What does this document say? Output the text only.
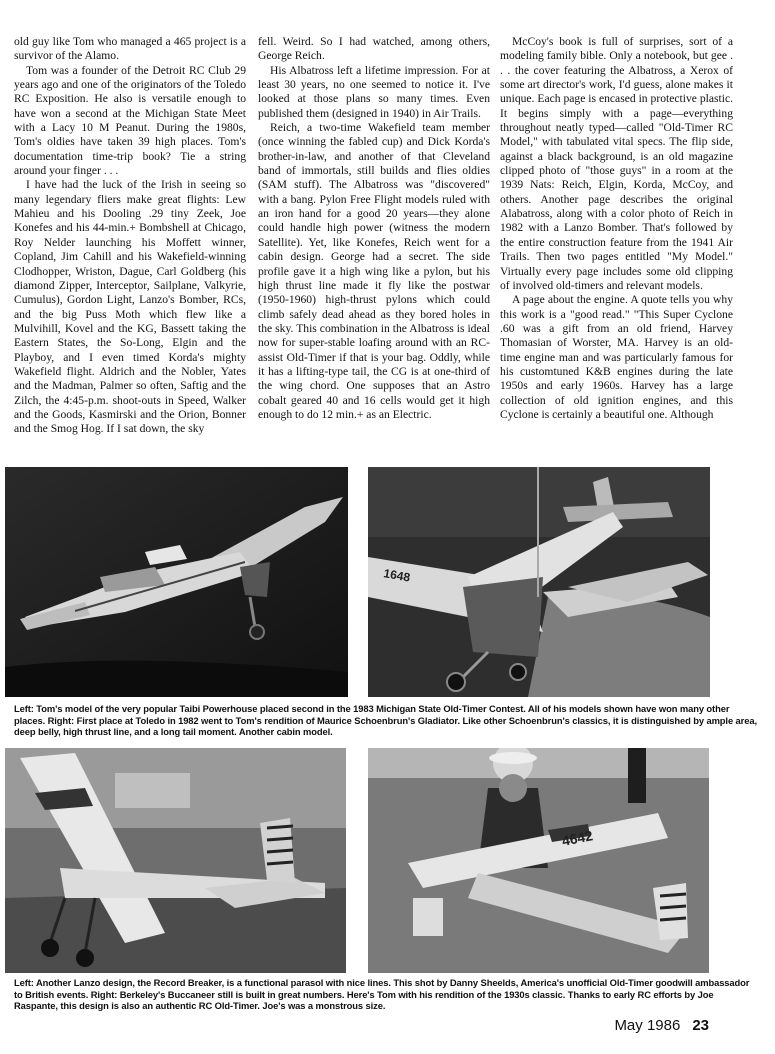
old guy like Tom who managed a 465 project is a survivor of the Alamo.

Tom was a founder of the Detroit RC Club 29 years ago and one of the originators of the Toledo RC Exposition. He also is versatile enough to have won a second at the Michigan State Meet with a Lacy 10 M Peanut. During the 1980s, Tom's oldies have taken 39 high places. Tom's documentation time-trip book? Tie a string around your finger . . .

I have had the luck of the Irish in seeing so many legendary fliers make great flights: Lew Mahieu and his Dooling .29 tiny Zeek, Joe Konefes and his 44-min.+ Bombshell at Chicago, Roy Nelder launching his Moffett winner, Copland, Jim Cahill and his Wakefield-winning Clodhopper, Wriston, Dague, Carl Goldberg (his diamond Zipper, Interceptor, Sailplane, Valkyrie, Cumulus), Gordon Light, Lanzo's Bomber, RCs, and the big Puss Moth which flew like a Mulvihill, Kovel and the KG, Bassett taking the Eastern States, the So-Long, Elgin and the Playboy, and I even timed Korda's mighty Wakefield flight. Aldrich and the Nobler, Yates and the Madman, Palmer so often, Saftig and the Zilch, the 4:45-p.m. shoot-outs in Speed, Walker and the Goods, Kasmirski and the Orion, Bonner and the Smog Hog. If I sat down, the sky

fell. Weird. So I had watched, among others, George Reich.

His Albatross left a lifetime impression. For at least 30 years, no one seemed to notice it. I've looked at those plans so many times. Even published them (designed in 1940) in Air Trails.

Reich, a two-time Wakefield team member (once winning the fabled cup) and Dick Korda's brother-in-law, and another of that Cleveland band of immortals, still builds and flies oldies (SAM stuff). The Albatross was "discovered" with a bang. Pylon Free Flight models ruled with an iron hand for a good 20 years—they alone could handle high power (witness the modern Satellite). Yet, like Konefes, Reich went for a cabin design. George had a secret. The side profile gave it a high wing like a pylon, but his high thrust line made it fly like the postwar (1950-1960) high-thrust pylons which could climb safely dead ahead as they bored holes in the sky. This combination in the Albatross is ideal now for super-stable loafing around with an RC-assist Old-Timer if that is your bag. Oddly, while it has a lifting-type tail, the CG is at one-third of the wing chord. One supposes that an Astro cobalt geared 40 and 16 cells would get it high enough to do 12 min.+ as an Electric.

McCoy's book is full of surprises, sort of a modeling family bible. Only a notebook, but gee . . . the cover featuring the Albatross, a Xerox of some art director's work, I'd guess, alone makes it unique. Each page is encased in protective plastic. It begins simply with a page—everything throughout neatly typed—called "Old-Timer RC Model," with tabulated vital specs. The flip side, against a black background, is an old magazine clipped photo of "those guys" in a room at the 1939 Nats: Reich, Elgin, Korda, McCoy, and others. Another page describes the original Alabatross, along with a color photo of Reich in 1982 with a Lanzo Bomber. That's followed by the entire construction feature from the 1941 Air Trails. Then two pages entitled "My Model." Virtually every page includes some old clipping of involved old-timers and relevant models.

A page about the engine. A quote tells you why this work is a "good read." "This Super Cyclone .60 was a gift from an old friend, Harvey Thomasian of Worster, MA. Harvey is an old-time engine man and was particularly famous for his customtuned K&B engines during the late 1950s and early 1960s. Harvey has a large collection of old ignition engines, and this Cyclone is certainly a beautiful one. Although

1648
Left: Tom's model of the very popular Taibi Powerhouse placed second in the 1983 Michigan State Old-Timer Contest. All of his models shown have won many other places. Right: First place at Toledo in 1982 went to Tom's rendition of Maurice Schoenbrun's Gladiator. Like other Schoenbrun's classics, it is distinguished by ample area, deep belly, high thrust line, and a long tail moment. Another cabin model.
4642
Left: Another Lanzo design, the Record Breaker, is a functional parasol with nice lines. This shot by Danny Sheelds, America's unofficial Old-Timer goodwill ambassador to British events. Right: Berkeley's Buccaneer still is built in great numbers. Here's Tom with his rendition of the 1930s classic. Thanks to early RC efforts by Joe Raspante, this design is also an authentic RC Old-Timer. Joe's was a monstrous size.
May 1986 23
